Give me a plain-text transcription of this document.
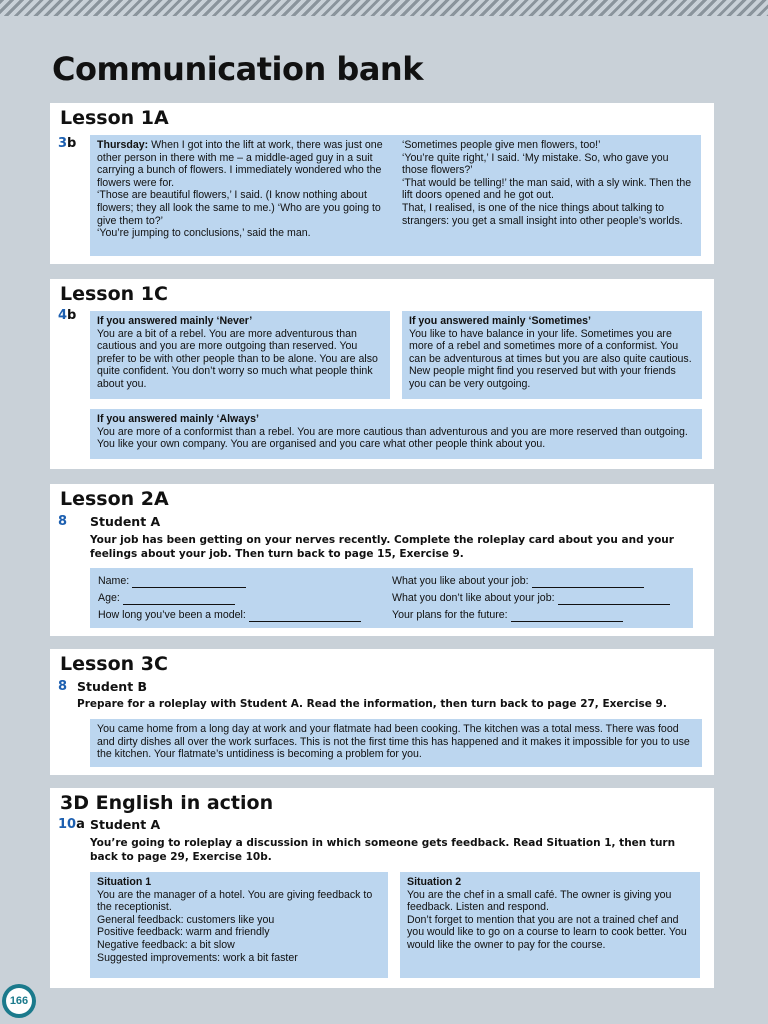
Communication bank
Lesson 1A
3b Thursday: When I got into the lift at work, there was just one other person in there with me – a middle-aged guy in a suit carrying a bunch of flowers. I immediately wondered who the flowers were for.

‘Those are beautiful flowers,’ I said. (I know nothing about flowers; they all look the same to me.) ‘Who are you going to give them to?’

‘You’re jumping to conclusions,’ said the man.

‘Sometimes people give men flowers, too!’

‘You’re quite right,’ I said. ‘My mistake. So, who gave you those flowers?’

‘That would be telling!’ the man said, with a sly wink. Then the lift doors opened and he got out.

That, I realised, is one of the nice things about talking to strangers: you get a small insight into other people’s worlds.

Lesson 1C
4b If you answered mainly ‘Never’

You are a bit of a rebel. You are more adventurous than cautious and you are more outgoing than reserved. You prefer to be with other people than to be alone. You are also quite confident. You don’t worry so much what people think about you.

If you answered mainly ‘Sometimes’

You like to have balance in your life. Sometimes you are more of a rebel and sometimes more of a conformist. You can be adventurous at times but you are also quite cautious. New people might find you reserved but with your friends you can be very outgoing.

If you answered mainly ‘Always’

You are more of a conformist than a rebel. You are more cautious than adventurous and you are more reserved than outgoing. You like your own company. You are organised and you care what other people think about you.

Lesson 2A
8 Student A
Your job has been getting on your nerves recently. Complete the roleplay card about you and your feelings about your job. Then turn back to page 15, Exercise 9.
Name:
Age:
How long you’ve been a model:
What you like about your job:
What you don’t like about your job:
Your plans for the future:
Lesson 3C
8 Student B
Prepare for a roleplay with Student A. Read the information, then turn back to page 27, Exercise 9.

You came home from a long day at work and your flatmate had been cooking. The kitchen was a total mess. There was food and dirty dishes all over the work surfaces. This is not the first time this has happened and it makes it impossible for you to use the kitchen. Your flatmate’s untidiness is becoming a problem for you.

3D English in action
10a Student A
You’re going to roleplay a discussion in which someone gets feedback. Read Situation 1, then turn back to page 29, Exercise 10b.

Situation 1

You are the manager of a hotel. You are giving feedback to the receptionist.

General feedback: customers like you

Positive feedback: warm and friendly

Negative feedback: a bit slow

Suggested improvements: work a bit faster

Situation 2

You are the chef in a small café. The owner is giving you feedback. Listen and respond.

Don’t forget to mention that you are not a trained chef and you would like to go on a course to learn to cook better. You would like the owner to pay for the course.

166
